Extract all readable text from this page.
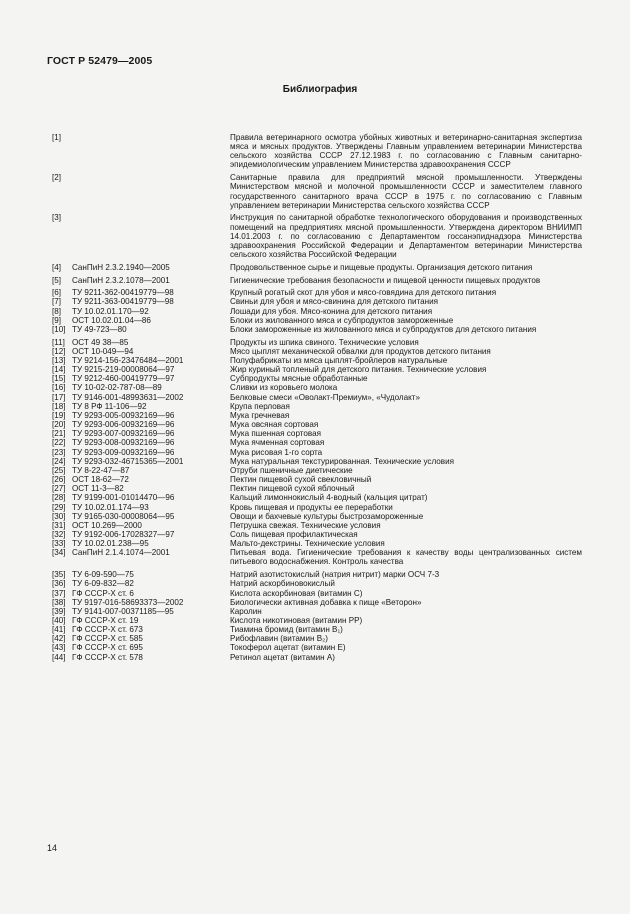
ГОСТ Р 52479—2005
Библиография
[1]	Правила ветеринарного осмотра убойных животных и ветеринарно-санитарная экспертиза мяса и мясных продуктов. Утверждены Главным управлением ветеринарии Министерства сельского хозяйства СССР 27.12.1983 г. по согласованию с Главным санитарно-эпидемиологическим управлением Министерства здравоохранения СССР
[2]	Санитарные правила для предприятий мясной промышленности. Утверждены Министерством мясной и молочной промышленности СССР и заместителем главного государственного санитарного врача СССР в 1975 г. по согласованию с Главным управлением ветеринарии Министерства сельского хозяйства СССР
[3]	Инструкция по санитарной обработке технологического оборудования и производственных помещений на предприятиях мясной промышленности. Утверждена директором ВНИИМП 14.01.2003 г. по согласованию с Департаментом госсанэпиднадзора Министерства здравоохранения Российской Федерации и Департаментом ветеринарии Министерства сельского хозяйства Российской Федерации
[4] СанПиН 2.3.2.1940—2005	Продовольственное сырье и пищевые продукты. Организация детского питания
[5] СанПиН 2.3.2.1078—2001	Гигиенические требования безопасности и пищевой ценности пищевых продуктов
[6] ТУ 9211-362-00419779—98	Крупный рогатый скот для убоя и мясо-говядина для детского питания
[7] ТУ 9211-363-00419779—98	Свиньи для убоя и мясо-свинина для детского питания
[8] ТУ 10.02.01.170—92	Лошади для убоя. Мясо-конина для детского питания
[9] ОСТ 10.02.01.04—86	Блоки из жилованного мяса и субпродуктов замороженные
[10] ТУ 49-723—80	Блоки замороженные из жилованного мяса и субпродуктов для детского питания
[11] ОСТ 49 38—85	Продукты из шпика свиного. Технические условия
[12] ОСТ 10-049—94	Мясо цыплят механической обвалки для продуктов детского питания
[13] ТУ 9214-156-23476484—2001	Полуфабрикаты из мяса цыплят-бройлеров натуральные
[14] ТУ 9215-219-00008064—97	Жир куриный топленый для детского питания. Технические условия
[15] ТУ 9212-460-00419779—97	Субпродукты мясные обработанные
[16] ТУ 10-02-02-787-08—89	Сливки из коровьего молока
[17] ТУ 9146-001-48993631—2002	Белковые смеси «Оволакт-Премиум», «Чудолакт»
[18] ТУ 8 РФ 11-106—92	Крупа перловая
[19] ТУ 9293-005-00932169—96	Мука гречневая
[20] ТУ 9293-006-00932169—96	Мука овсяная сортовая
[21] ТУ 9293-007-00932169—96	Мука пшенная сортовая
[22] ТУ 9293-008-00932169—96	Мука ячменная сортовая
[23] ТУ 9293-009-00932169—96	Мука рисовая 1-го сорта
[24] ТУ 9293-032-46715365—2001	Мука натуральная текстурированная. Технические условия
[25] ТУ 8-22-47—87	Отруби пшеничные диетические
[26] ОСТ 18-62—72	Пектин пищевой сухой свекловичный
[27] ОСТ 11-3—82	Пектин пищевой сухой яблочный
[28] ТУ 9199-001-01014470—96	Кальций лимоннокислый 4-водный (кальция цитрат)
[29] ТУ 10.02.01.174—93	Кровь пищевая и продукты ее переработки
[30] ТУ 9165-030-00008064—95	Овощи и бахчевые культуры быстрозамороженные
[31] ОСТ 10.269—2000	Петрушка свежая. Технические условия
[32] ТУ 9192-006-17028327—97	Соль пищевая профилактическая
[33] ТУ 10.02.01.238—95	Мальто-декстрины. Технические условия
[34] СанПиН 2.1.4.1074—2001	Питьевая вода. Гигиенические требования к качеству воды централизованных систем питьевого водоснабжения. Контроль качества
[35] ТУ 6-09-590—75	Натрий азотистокислый (натрия нитрит) марки ОСЧ 7-3
[36] ТУ 6-09-832—82	Натрий аскорбиновокислый
[37] ГФ СССР-Х ст. 6	Кислота аскорбиновая (витамин С)
[38] ТУ 9197-016-58693373—2002	Биологически активная добавка к пище «Веторон»
[39] ТУ 9141-007-00371185—95	Каролин
[40] ГФ СССР-Х ст. 19	Кислота никотиновая (витамин РР)
[41] ГФ СССР-Х ст. 673	Тиамина бромид (витамин B₁)
[42] ГФ СССР-Х ст. 585	Рибофлавин (витамин B₂)
[43] ГФ СССР-Х ст. 695	Токоферол ацетат (витамин Е)
[44] ГФ СССР-Х ст. 578	Ретинол ацетат (витамин А)
14
